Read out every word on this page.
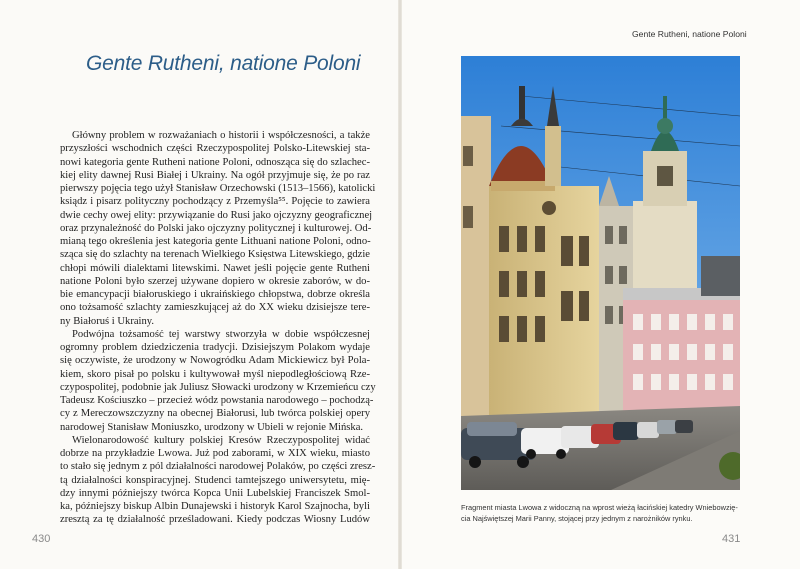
Gente Rutheni, natione Poloni
Główny problem w rozważaniach o historii i współczesności, a także
przyszłości wschodnich części Rzeczypospolitej Polsko-Litewskiej sta-
nowi kategoria gente Rutheni natione Poloni, odnosząca się do szlachec-
kiej elity dawnej Rusi Białej i Ukrainy. Na ogół przyjmuje się, że po raz
pierwszy pojęcia tego użył Stanisław Orzechowski (1513–1566), katolicki
ksiądz i pisarz polityczny pochodzący z Przemyśla⁵⁵. Pojęcie to zawiera
dwie cechy owej elity: przywiązanie do Rusi jako ojczyzny geograficznej
oraz przynależność do Polski jako ojczyzny politycznej i kulturowej. Od-
mianą tego określenia jest kategoria gente Lithuani natione Poloni, odno-
sząca się do szlachty na terenach Wielkiego Księstwa Litewskiego, gdzie
chłopi mówili dialektami litewskimi. Nawet jeśli pojęcie gente Rutheni
natione Poloni było szerzej używane dopiero w okresie zaborów, w do-
bie emancypacji białoruskiego i ukraińskiego chłopstwa, dobrze określa
ono tożsamość szlachty zamieszkującej aż do XX wieku dzisiejsze tere-
ny Białoruś i Ukrainy.
Podwójna tożsamość tej warstwy stworzyła w dobie współczesnej
ogromny problem dziedziczenia tradycji. Dzisiejszym Polakom wydaje
się oczywiste, że urodzony w Nowogródku Adam Mickiewicz był Pola-
kiem, skoro pisał po polsku i kultywował myśl niepodległościową Rze-
czypospolitej, podobnie jak Juliusz Słowacki urodzony w Krzemieńcu czy
Tadeusz Kościuszko – przecież wódz powstania narodowego – pochodzą-
cy z Mereczowszczyzny na obecnej Białorusi, lub twórca polskiej opery
narodowej Stanisław Moniuszko, urodzony w Ubieli w rejonie Mińska.
Wielonarodowość kultury polskiej Kresów Rzeczypospolitej widać
dobrze na przykładzie Lwowa. Już pod zaborami, w XIX wieku, miasto
to stało się jednym z pól działalności narodowej Polaków, po części zresz-
tą działalności konspiracyjnej. Studenci tamtejszego uniwersytetu, mię-
dzy innymi późniejszy twórca Kopca Unii Lubelskiej Franciszek Smol-
ka, późniejszy biskup Albin Dunajewski i historyk Karol Szajnocha, byli
zresztą za tę działalność prześladowani. Kiedy podczas Wiosny Ludów
430
Gente Rutheni, natione Poloni
Fragment miasta Lwowa z widoczną na wprost wieżą łacińskiej katedry Wniebowzię-
cia Najświętszej Marii Panny, stojącej przy jednym z narożników rynku.
431
